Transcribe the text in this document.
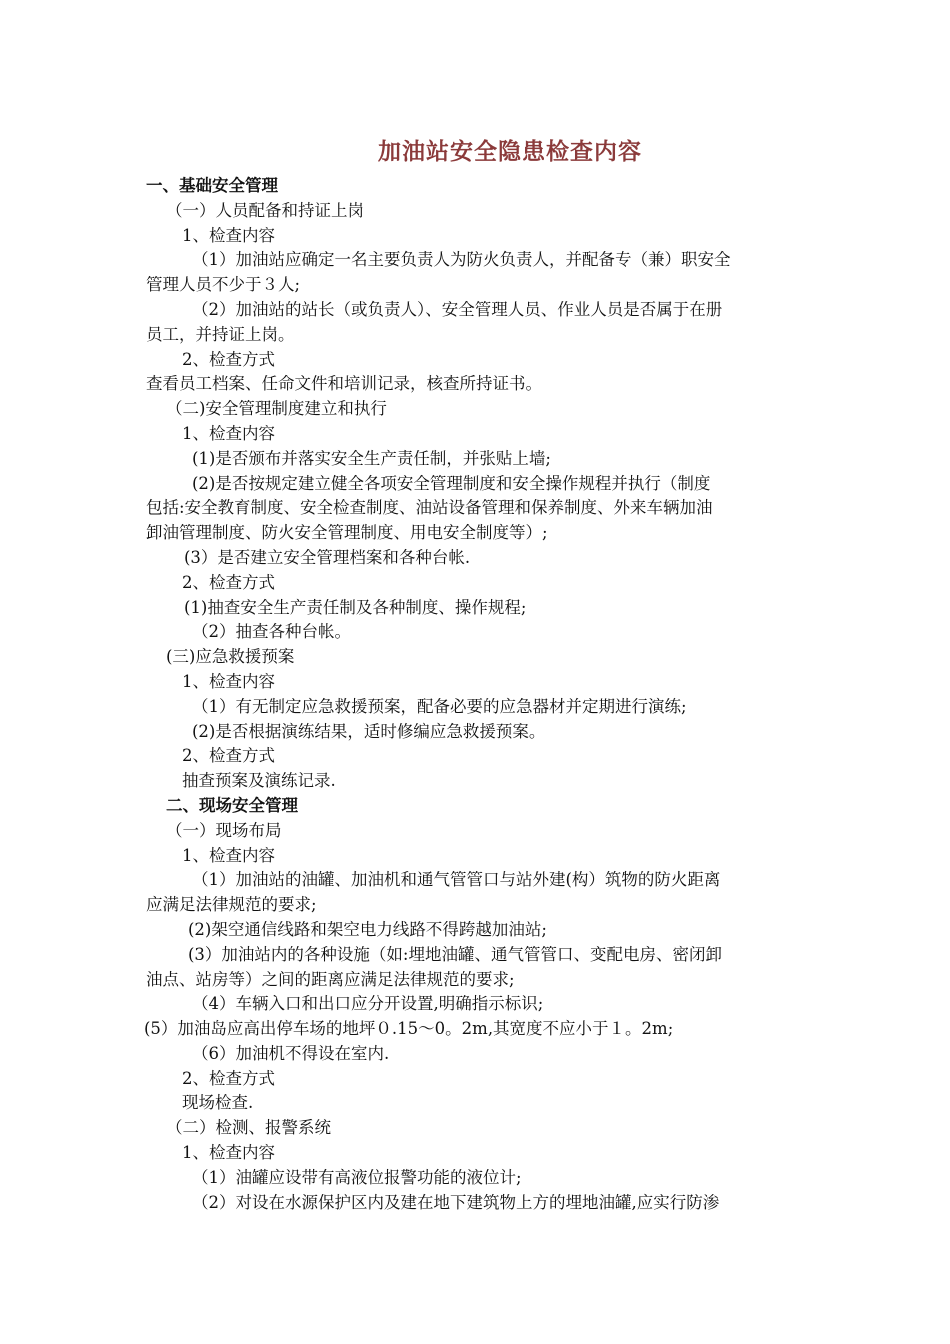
加油站安全隐患检查内容
一、基础安全管理
（一）人员配备和持证上岗
1、检查内容
（1）加油站应确定一名主要负责人为防火负责人，并配备专（兼）职安全
管理人员不少于３人;
（2）加油站的站长（或负责人）、安全管理人员、作业人员是否属于在册
员工，并持证上岗。
2、检查方式
查看员工档案、任命文件和培训记录，核查所持证书。
（二)安全管理制度建立和执行
1、检查内容
(1)是否颁布并落实安全生产责任制，并张贴上墙;
(2)是否按规定建立健全各项安全管理制度和安全操作规程并执行（制度
包括:安全教育制度、安全检查制度、油站设备管理和保养制度、外来车辆加油
卸油管理制度、防火安全管理制度、用电安全制度等）;
(3）是否建立安全管理档案和各种台帐.
2、检查方式
(1)抽查安全生产责任制及各种制度、操作规程;
（2）抽查各种台帐。
(三)应急救援预案
1、检查内容
（1）有无制定应急救援预案，配备必要的应急器材并定期进行演练;
(2)是否根据演练结果，适时修编应急救援预案。
2、检查方式
抽查预案及演练记录.
二、现场安全管理
（一）现场布局
1、检查内容
（1）加油站的油罐、加油机和通气管管口与站外建(构）筑物的防火距离
应满足法律规范的要求;
(2)架空通信线路和架空电力线路不得跨越加油站;
(3）加油站内的各种设施（如:埋地油罐、通气管管口、变配电房、密闭卸
油点、站房等）之间的距离应满足法律规范的要求;
（4）车辆入口和出口应分开设置,明确指示标识;
(5）加油岛应高出停车场的地坪０.15～0。2m,其宽度不应小于１。2m;
（6）加油机不得设在室内.
2、检查方式
现场检查.
（二）检测、报警系统
1、检查内容
（1）油罐应设带有高液位报警功能的液位计;
（2）对设在水源保护区内及建在地下建筑物上方的埋地油罐,应实行防渗
